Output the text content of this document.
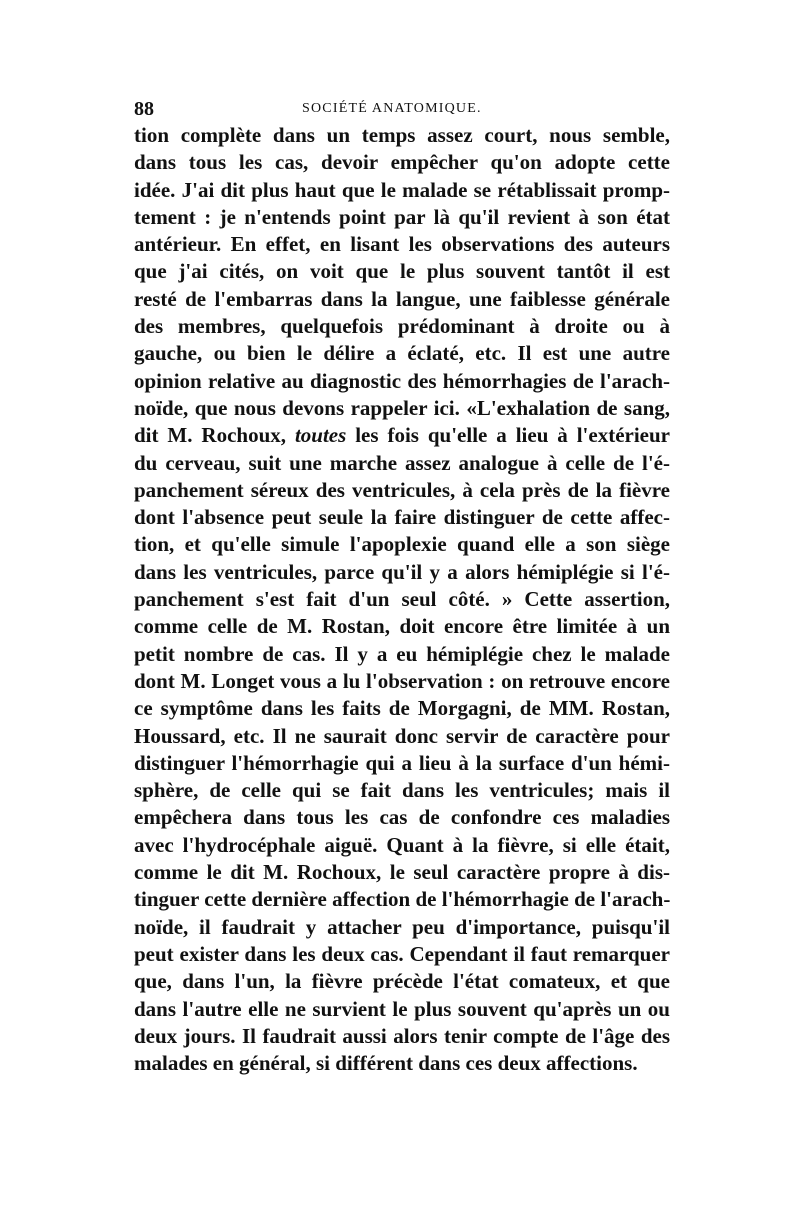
88	SOCIÉTÉ ANATOMIQUE.
tion complète dans un temps assez court, nous semble,
dans tous les cas, devoir empêcher qu'on adopte cette
idée. J'ai dit plus haut que le malade se rétablissait promp-
tement : je n'entends point par là qu'il revient à son état
antérieur. En effet, en lisant les observations des auteurs
que j'ai cités, on voit que le plus souvent tantôt il est
resté de l'embarras dans la langue, une faiblesse générale
des membres, quelquefois prédominant à droite ou à
gauche, ou bien le délire a éclaté, etc. Il est une autre
opinion relative au diagnostic des hémorrhagies de l'arach-
noïde, que nous devons rappeler ici. «L'exhalation de sang,
dit M. Rochoux, toutes les fois qu'elle a lieu à l'extérieur
du cerveau, suit une marche assez analogue à celle de l'é-
panchement séreux des ventricules, à cela près de la fièvre
dont l'absence peut seule la faire distinguer de cette affec-
tion, et qu'elle simule l'apoplexie quand elle a son siège
dans les ventricules, parce qu'il y a alors hémiplégie si l'é-
panchement s'est fait d'un seul côté. » Cette assertion,
comme celle de M. Rostan, doit encore être limitée à un
petit nombre de cas. Il y a eu hémiplégie chez le malade
dont M. Longet vous a lu l'observation : on retrouve encore
ce symptôme dans les faits de Morgagni, de MM. Rostan,
Houssard, etc. Il ne saurait donc servir de caractère pour
distinguer l'hémorrhagie qui a lieu à la surface d'un hémi-
sphère, de celle qui se fait dans les ventricules; mais il
empêchera dans tous les cas de confondre ces maladies
avec l'hydrocéphale aiguë. Quant à la fièvre, si elle était,
comme le dit M. Rochoux, le seul caractère propre à dis-
tinguer cette dernière affection de l'hémorrhagie de l'arach-
noïde, il faudrait y attacher peu d'importance, puisqu'il
peut exister dans les deux cas. Cependant il faut remarquer
que, dans l'un, la fièvre précède l'état comateux, et que
dans l'autre elle ne survient le plus souvent qu'après un ou
deux jours. Il faudrait aussi alors tenir compte de l'âge des
malades en général, si différent dans ces deux affections.
